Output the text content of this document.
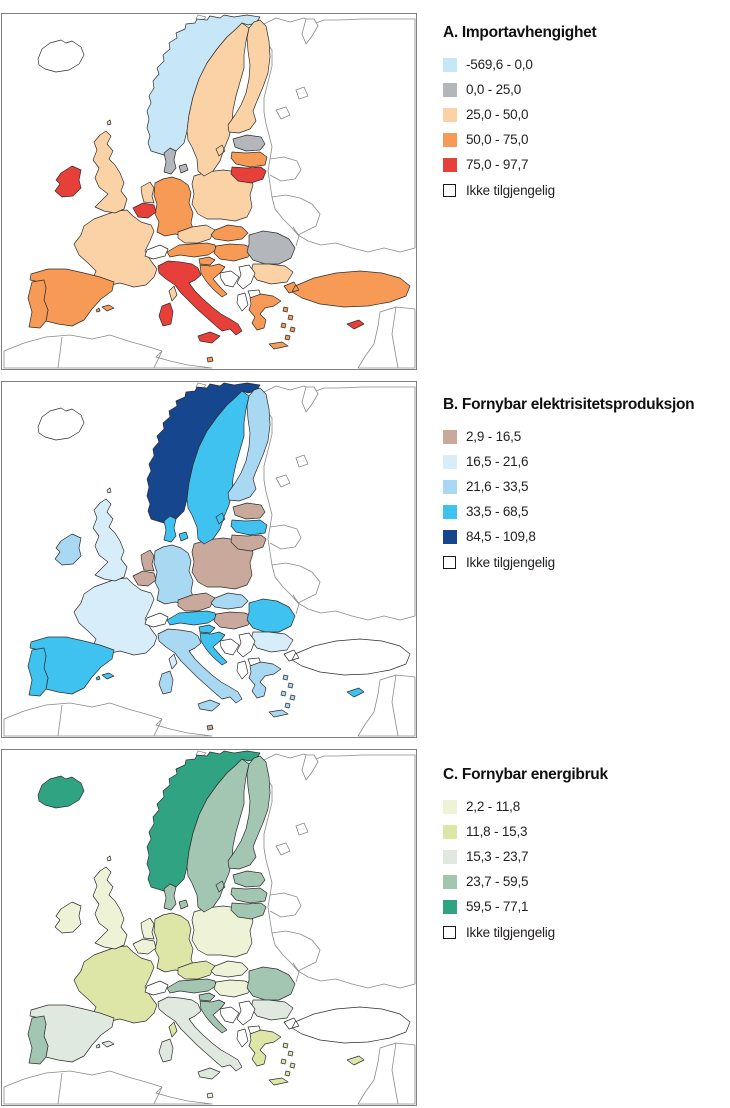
A. Importavhengighet
-569,6 - 0,0
0,0 - 25,0
25,0 - 50,0
50,0 - 75,0
75,0 - 97,7
Ikke tilgjengelig
B. Fornybar elektrisitetsproduksjon
2,9 - 16,5
16,5 - 21,6
21,6 - 33,5
33,5 - 68,5
84,5 - 109,8
Ikke tilgjengelig
C. Fornybar energibruk
2,2 - 11,8
11,8 - 15,3
15,3 - 23,7
23,7 - 59,5
59,5 - 77,1
Ikke tilgjengelig
